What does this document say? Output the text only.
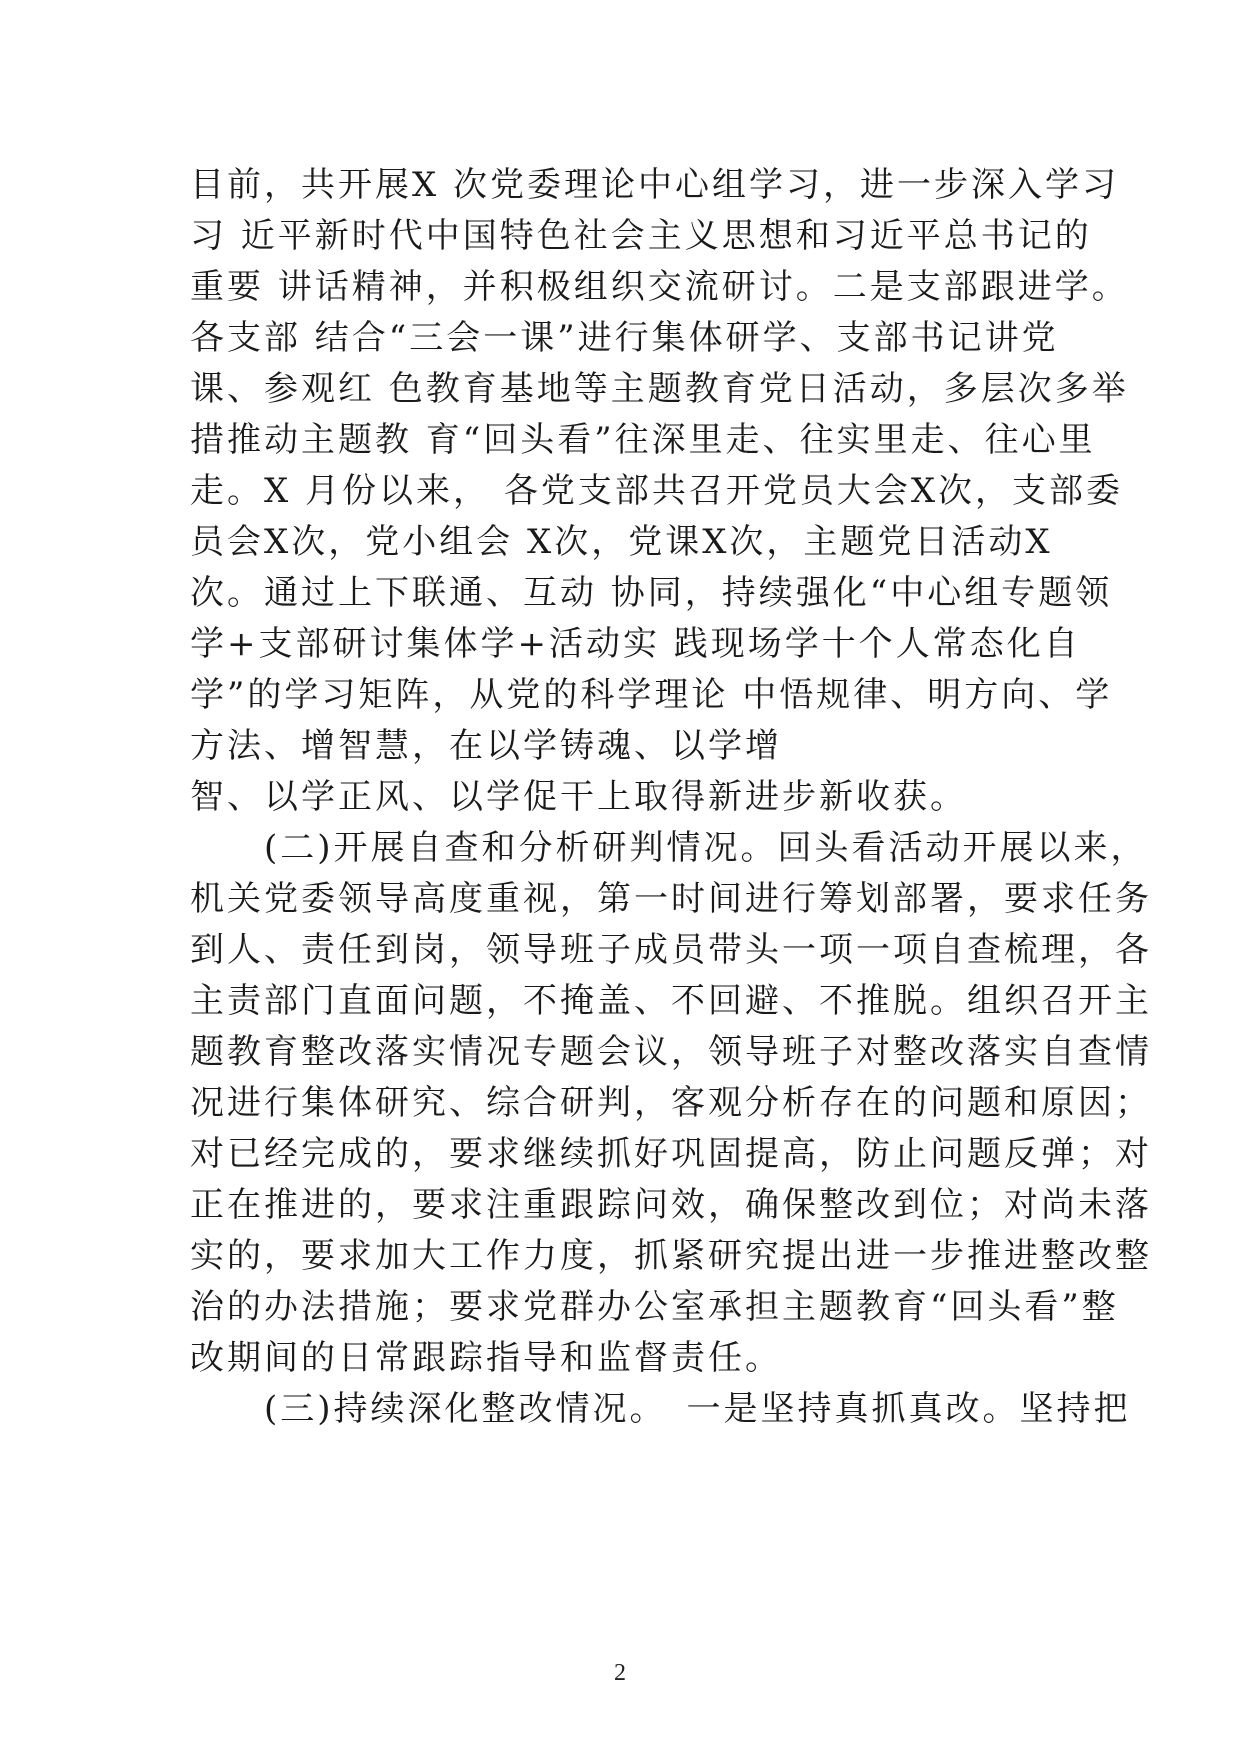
目前，共开展X 次党委理论中心组学习，进一步深入学习
习 近平新时代中国特色社会主义思想和习近平总书记的
重要 讲话精神，并积极组织交流研讨。二是支部跟进学。
各支部 结合“三会一课”进行集体研学、支部书记讲党
课、参观红 色教育基地等主题教育党日活动，多层次多举
措推动主题教 育“回头看”往深里走、往实里走、往心里
走。X 月份以来， 各党支部共召开党员大会X次，支部委
员会X次，党小组会 X次，党课X次，主题党日活动X
次。通过上下联通、互动 协同，持续强化“中心组专题领
学+支部研讨集体学+活动实 践现场学十个人常态化自
学”的学习矩阵，从党的科学理论 中悟规律、明方向、学
方法、增智慧，在以学铸魂、以学增
智、以学正风、以学促干上取得新进步新收获。
(二)开展自查和分析研判情况。回头看活动开展以来，
机关党委领导高度重视，第一时间进行筹划部署，要求任务
到人、责任到岗，领导班子成员带头一项一项自查梳理，各
主责部门直面问题，不掩盖、不回避、不推脱。组织召开主
题教育整改落实情况专题会议，领导班子对整改落实自查情
况进行集体研究、综合研判，客观分析存在的问题和原因；
对已经完成的，要求继续抓好巩固提高，防止问题反弹；对
正在推进的，要求注重跟踪问效，确保整改到位；对尚未落
实的，要求加大工作力度，抓紧研究提出进一步推进整改整
治的办法措施；要求党群办公室承担主题教育“回头看”整
改期间的日常跟踪指导和监督责任。
(三)持续深化整改情况。　一是坚持真抓真改。坚持把
2
